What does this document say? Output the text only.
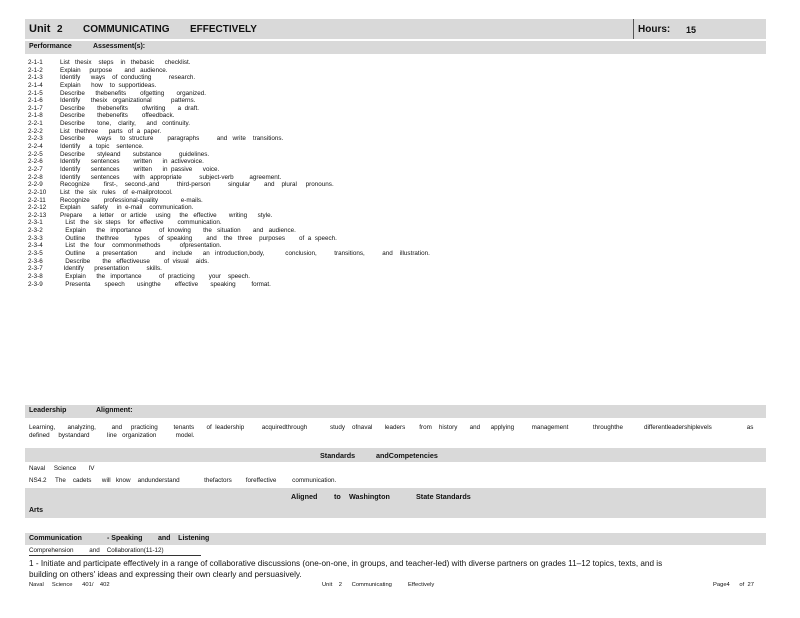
Unit 2 COMMUNICATING EFFECTIVELY	Hours: 15
Performance	Assessment(s):
2-1-1	List   thesix    steps    in   thebasic      checklist.
2-1-2	Explain     purpose       and   audience.
2-1-3	Identify      ways    of  conducting          research.
2-1-4	Explain      how    to  supportideas.
2-1-5	Describe      thebenefits        ofgetting       organized.
2-1-6	Identify      thesix   organizational           patterns.
2-1-7	Describe       thebenefits        ofwriting       a  draft.
2-1-8	Describe       thebenefits        offeedback.
2-2-1	Describe       tone,    clarity,      and   continuity.
2-2-2	List   thethree      parts   of  a  paper.
2-2-3	Describe       ways     to  structure        paragraphs          and   write    transitions.
2-2-4	Identify     a  topic    sentence.
2-2-5	Describe       styleand       substance          guidelines.
2-2-6	Identify      sentences        written      in  activevoice.
2-2-7	Identify      sentences        written      in  passive      voice.
2-2-8	Identify      sentences        with   appropriate          subject-verb         agreement.
2-2-9	Recognize        first-,    second-,and          third-person          singular        and    plural     pronouns.
2-2-10	List   the   six   rules    of  e-mailprotocol.
2-2-11	Recognize        professional-quality             e-mails.
2-2-12	Explain      safety     in  e-mail    communication.
2-2-13	Prepare      a  letter    or  article     using     the   effective       writing      style.
2-3-1	List   the   six  steps    for   effective        communication.
2-3-2	Explain      the   importance          of  knowing       the   situation       and   audience.
2-3-3	Outline      thethree         types     of  speaking        and    the   three    purposes        of  a  speech.
2-3-4	List   the   four    commonmethods           ofpresentation.
2-3-5	Outline      a  presentation          and    include      an   introduction,body,            conclusion,          transitions,          and    illustration.
2-3-6	Describe       the   effectiveuse        of  visual    aids.
2-3-7	Identify      presentation          skills.
2-3-8	Explain      the   importance          of  practicing        your    speech.
2-3-9	Presenta        speech       usingthe        effective       speaking         format.
Leadership	Alignment:
Learning,       analyzing,         and     practicing         tenants       of  leadership          acquiredthrough             study    ofnaval       leaders        from    history       and      applying          management              throughthe            differentleadershiplevels                    as
defined     bystandard          line   organization           model.
Standards	andCompetencies
Naval     Science       IV
NS4.2 The    cadets      will   know    andunderstand              thefactors        foreffective         communication.
Aligned to Washington	State Standards
Arts
Communication	- Speaking        and    Listening
Comprehension         and    Collaboration(11-12)
1 - Initiate and participate effectively in a range of collaborative discussions (one-on-one, in groups, and teacher-led) with diverse partners on grades 11–12 topics, texts, and is
building on others' ideas and expressing their own clearly and persuasively.
Naval     Science      401/    402	Unit    2      Communicating          Effectively	Page4      of  27
